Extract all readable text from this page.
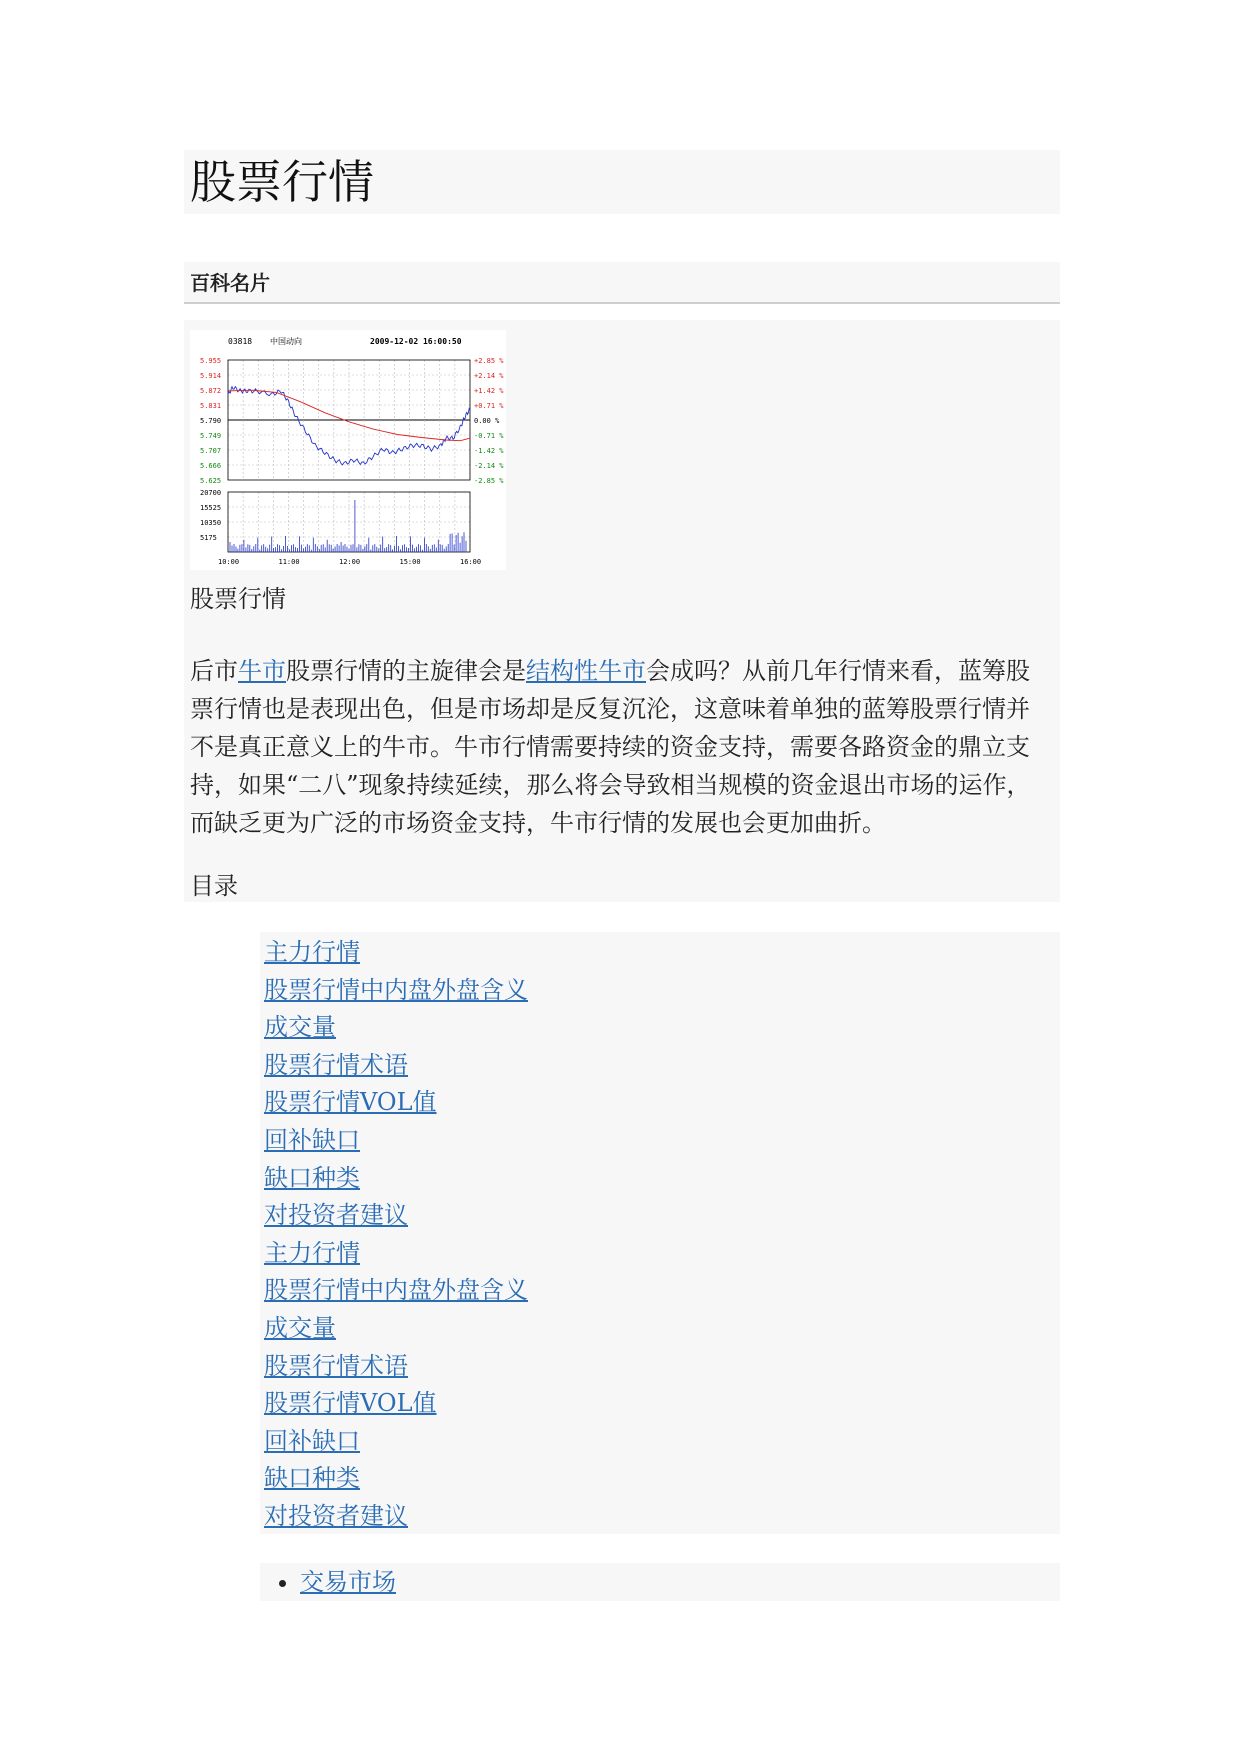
股票行情
百科名片
03818 中国动向	2009-12-02 16:00:50
5.955	+2.85 %
5.914	+2.14 %
5.872	+1.42 %
5.831	+0.71 %
5.790	0.00 %
5.749	-0.71 %
5.707	-1.42 %
5.666	-2.14 %
5.625	-2.85 %
20700
15525
10350
5175
10:00	11:00	12:00	15:00	16:00
股票行情

后市牛市股票行情的主旋律会是结构性牛市会成吗？从前几年行情来看，蓝筹股票行情也是表现出色，但是市场却是反复沉沦，这意味着单独的蓝筹股票行情并不是真正意义上的牛市。牛市行情需要持续的资金支持，需要各路资金的鼎立支持，如果“二八”现象持续延续，那么将会导致相当规模的资金退出市场的运作，而缺乏更为广泛的市场资金支持，牛市行情的发展也会更加曲折。

目录
主力行情
股票行情中内盘外盘含义
成交量
股票行情术语
股票行情VOL值
回补缺口
缺口种类
对投资者建议
主力行情
股票行情中内盘外盘含义
成交量
股票行情术语
股票行情VOL值
回补缺口
缺口种类
对投资者建议
• 交易市场
